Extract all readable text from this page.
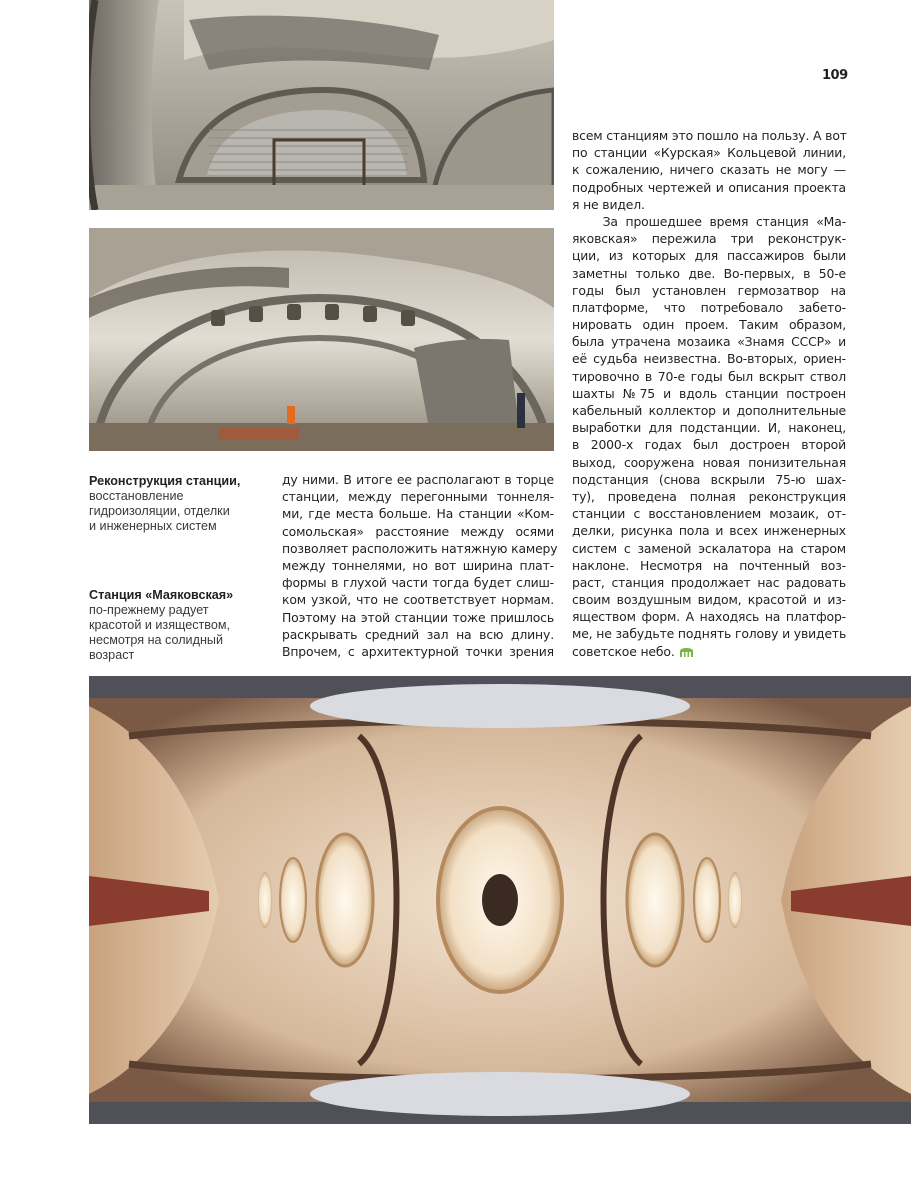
109
Реконструкция станции,
восстановление
гидроизоляции, отделки
и инженерных систем
Станция «Маяковская»
по-прежнему радует
красотой и изяществом,
несмотря на солидный
возраст
ду ними. В итоге ее располагают в торце
станции, между перегонными тоннеля-
ми, где места больше. На станции «Ком-
сомольская» расстояние между осями
позволяет расположить натяжную камеру
между тоннелями, но вот ширина плат-
формы в глухой части тогда будет слиш-
ком узкой, что не соответствует нормам.
Поэтому на этой станции тоже пришлось
раскрывать средний зал на всю длину.
Впрочем, с архитектурной точки зрения
всем станциям это пошло на пользу. А вот
по станции «Курская» Кольцевой линии,
к сожалению, ничего сказать не могу —
подробных чертежей и описания проекта
я не видел.
За прошедшее время станция «Ма-
яковская» пережила три реконструк-
ции, из которых для пассажиров были
заметны только две. Во-первых, в 50-е
годы был установлен гермозатвор на
платформе, что потребовало забето-
нировать один проем. Таким образом,
была утрачена мозаика «Знамя СССР» и
её судьба неизвестна. Во-вторых, ориен-
тировочно в 70-е годы был вскрыт ствол
шахты №75 и вдоль станции построен
кабельный коллектор и дополнительные
выработки для подстанции. И, наконец,
в 2000-х годах был достроен второй
выход, сооружена новая понизительная
подстанция (снова вскрыли 75-ю шах-
ту), проведена полная реконструкция
станции с восстановлением мозаик, от-
делки, рисунка пола и всех инженерных
систем с заменой эскалатора на старом
наклоне. Несмотря на почтенный воз-
раст, станция продолжает нас радовать
своим воздушным видом, красотой и из-
яществом форм. А находясь на платфор-
ме, не забудьте поднять голову и увидеть
советское небо.
